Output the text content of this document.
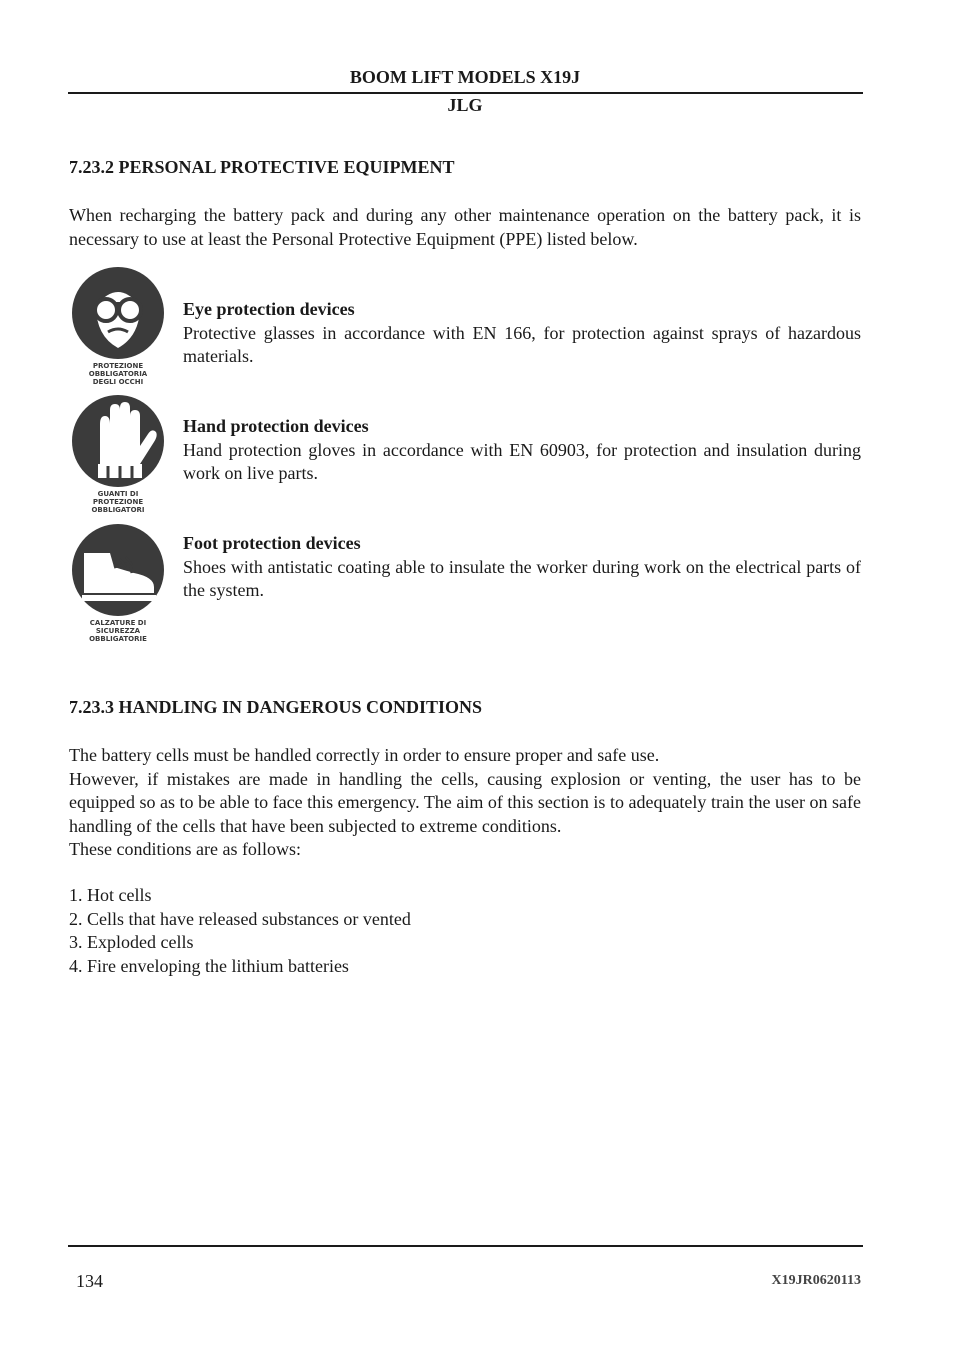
BOOM LIFT MODELS X19J
JLG
7.23.2 PERSONAL PROTECTIVE EQUIPMENT

When recharging the battery pack and during any other maintenance operation on the battery pack, it is necessary to use at least the Personal Protective Equipment (PPE) listed below.

PROTEZIONE
OBBLIGATORIA
DEGLI OCCHI
Eye protection devices
Protective glasses in accordance with EN 166, for protection against sprays of hazardous materials.
GUANTI DI
PROTEZIONE
OBBLIGATORI
Hand protection devices
Hand protection gloves in accordance with EN 60903, for protection and insulation during work on live parts.
CALZATURE DI
SICUREZZA
OBBLIGATORIE
Foot protection devices
Shoes with antistatic coating able to insulate the worker during work on the electrical parts of the system.
7.23.3 HANDLING IN DANGEROUS CONDITIONS

The battery cells must be handled correctly in order to ensure proper and safe use.

However, if mistakes are made in handling the cells, causing explosion or venting, the user has to be equipped so as to be able to face this emergency. The aim of this section is to adequately train the user on safe handling of the cells that have been subjected to extreme conditions.

These conditions are as follows:

1. Hot cells
2. Cells that have released substances or vented
3. Exploded cells
4. Fire enveloping the lithium batteries
134	X19JR0620113
